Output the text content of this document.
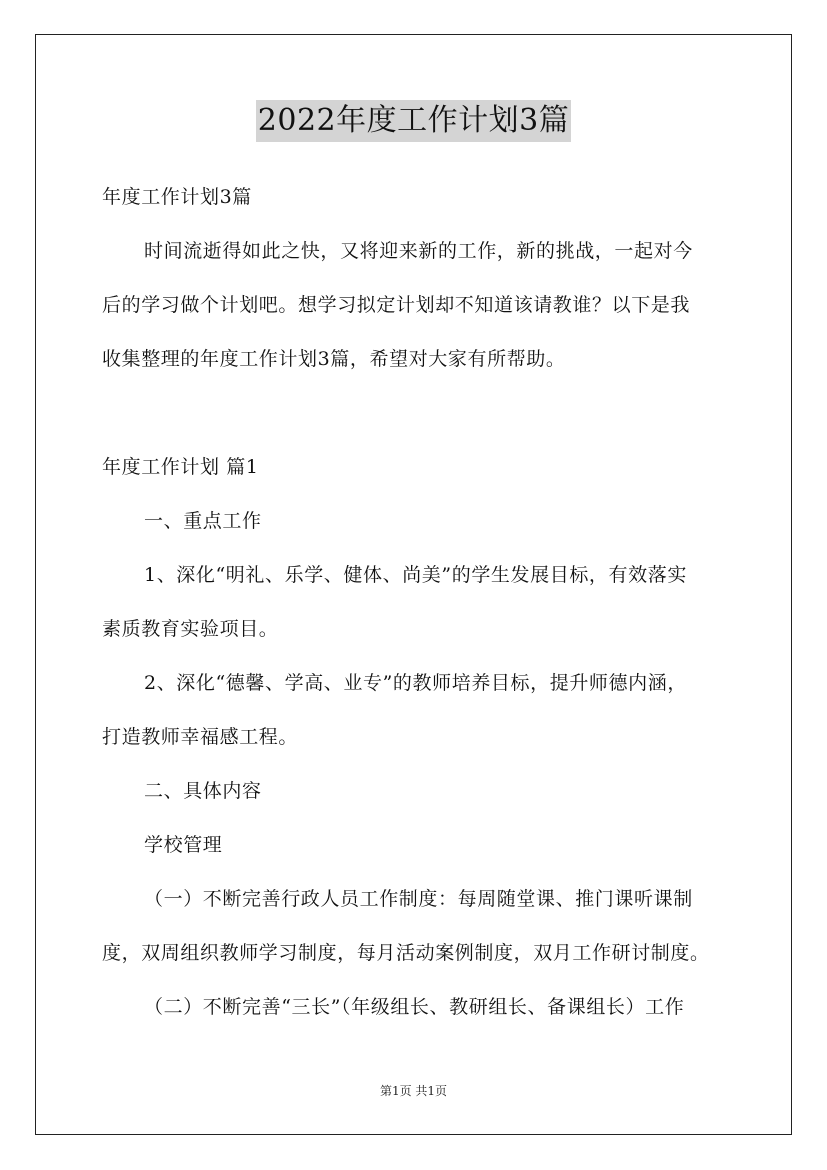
2022年度工作计划3篇
年度工作计划3篇
时间流逝得如此之快，又将迎来新的工作，新的挑战，一起对今
后的学习做个计划吧。想学习拟定计划却不知道该请教谁？以下是我
收集整理的年度工作计划3篇，希望对大家有所帮助。
年度工作计划 篇1
一、重点工作
1、深化“明礼、乐学、健体、尚美”的学生发展目标，有效落实
素质教育实验项目。
2、深化“德馨、学高、业专”的教师培养目标，提升师德内涵，
打造教师幸福感工程。
二、具体内容
学校管理
（一）不断完善行政人员工作制度：每周随堂课、推门课听课制
度，双周组织教师学习制度，每月活动案例制度，双月工作研讨制度。
（二）不断完善“三长”（年级组长、教研组长、备课组长）工作
第1页 共1页
